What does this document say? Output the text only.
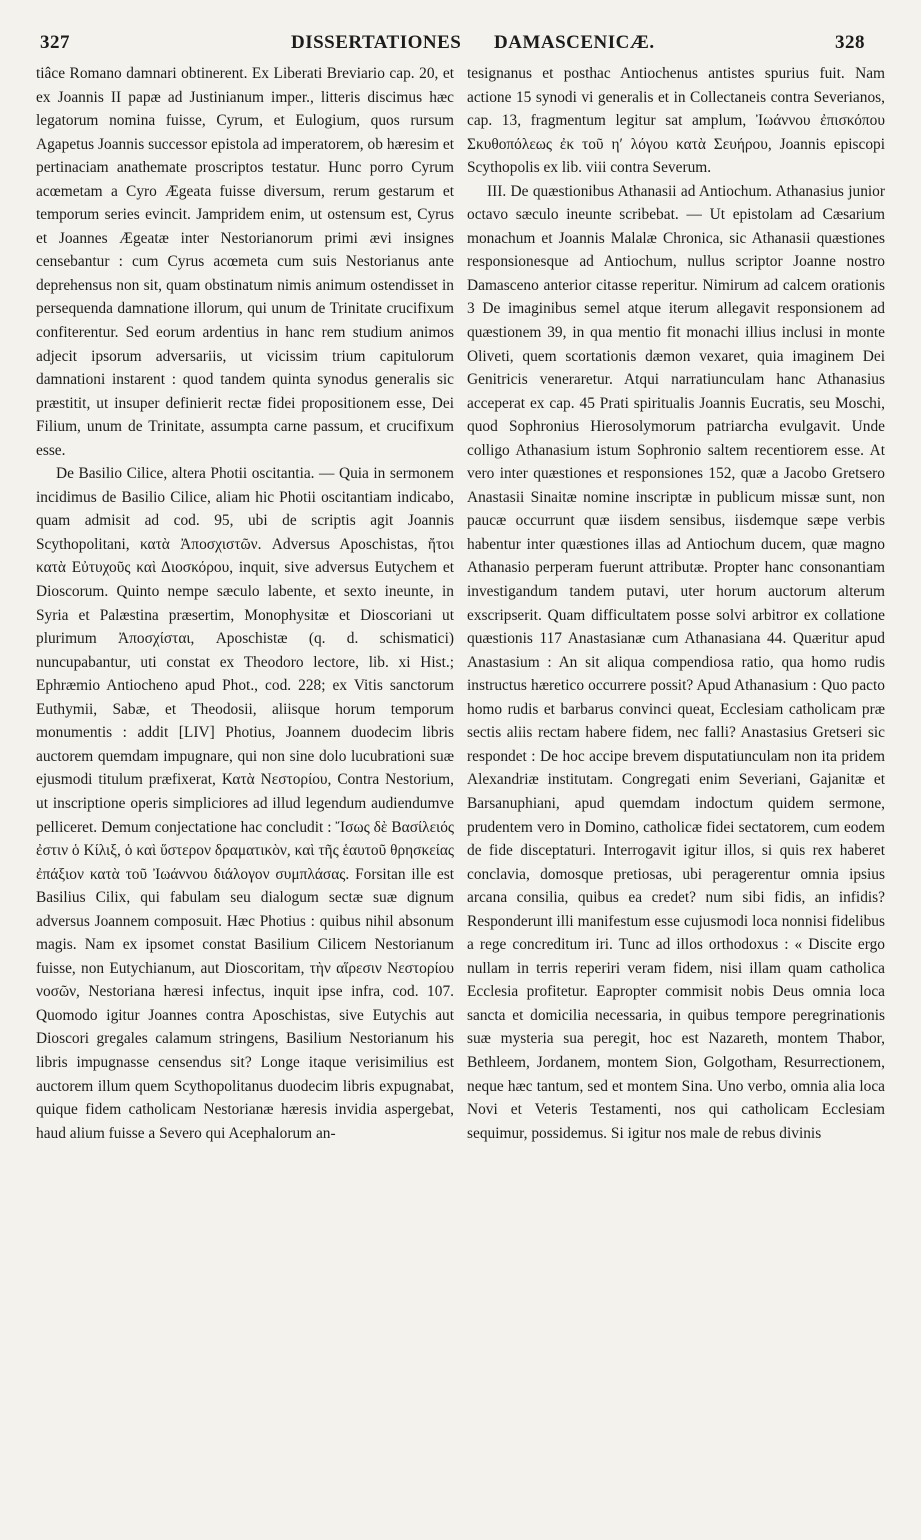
327	DISSERTATIONES DAMASCENICÆ.	328

tiâce Romano damnari obtinerent. Ex Liberati Breviario cap. 20, et ex Joannis II papæ ad Justinianum imper., litteris discimus hæc legatorum nomina fuisse, Cyrum, et Eulogium, quos rursum Agapetus Joannis successor epistola ad imperatorem, ob hæresim et pertinaciam anathemate proscriptos testatur. Hunc porro Cyrum acœmetam a Cyro Ægeata fuisse diversum, rerum gestarum et temporum series evincit. Jampridem enim, ut ostensum est, Cyrus et Joannes Ægeatæ inter Nestorianorum primi ævi insignes censebantur : cum Cyrus acœmeta cum suis Nestorianus ante deprehensus non sit, quam obstinatum nimis animum ostendisset in persequenda damnatione illorum, qui unum de Trinitate crucifixum confiterentur. Sed eorum ardentius in hanc rem studium animos adjecit ipsorum adversariis, ut vicissim trium capitulorum damnationi instarent : quod tandem quinta synodus generalis sic præstitit, ut insuper definierit rectæ fidei propositionem esse, Dei Filium, unum de Trinitate, assumpta carne passum, et crucifixum esse.

De Basilio Cilice, altera Photii oscitantia. — Quia in sermonem incidimus de Basilio Cilice, aliam hic Photii oscitantiam indicabo, quam admisit ad cod. 95, ubi de scriptis agit Joannis Scythopolitani, κατὰ Ἀποσχιστῶν. Adversus Aposchistas, ἤτοι κατὰ Εὐτυχοῦς καὶ Διοσκόρου, inquit, sive adversus Eutychem et Dioscorum. Quinto nempe sæculo labente, et sexto ineunte, in Syria et Palæstina præsertim, Monophysitæ et Dioscoriani ut plurimum Ἀποσχίσται, Aposchistæ (q. d. schismatici) nuncupabantur, uti constat ex Theodoro lectore, lib. xi Hist.; Ephræmio Antiocheno apud Phot., cod. 228; ex Vitis sanctorum Euthymii, Sabæ, et Theodosii, aliisque horum temporum monumentis : addit [LIV] Photius, Joannem duodecim libris auctorem quemdam impugnare, qui non sine dolo lucubrationi suæ ejusmodi titulum præfixerat, Κατὰ Νεστορίου, Contra Nestorium, ut inscriptione operis simpliciores ad illud legendum audiendumve pelliceret. Demum conjectatione hac concludit : Ἴσως δὲ Βασίλειός ἐστιν ὁ Κίλιξ, ὁ καὶ ὕστερον δραματικὸν, καὶ τῆς ἑαυτοῦ θρησκείας ἐπάξιον κατὰ τοῦ Ἰωάννου διάλογον συμπλάσας. Forsitan ille est Basilius Cilix, qui fabulam seu dialogum sectæ suæ dignum adversus Joannem composuit. Hæc Photius : quibus nihil absonum magis. Nam ex ipsomet constat Basilium Cilicem Nestorianum fuisse, non Eutychianum, aut Dioscoritam, τὴν αἵρεσιν Νεστορίου νοσῶν, Nestoriana hæresi infectus, inquit ipse infra, cod. 107. Quomodo igitur Joannes contra Aposchistas, sive Eutychis aut Dioscori gregales calamum stringens, Basilium Nestorianum his libris impugnasse censendus sit? Longe itaque verisimilius est auctorem illum quem Scythopolitanus duodecim libris expugnabat, quique fidem catholicam Nestorianæ hæresis invidia aspergebat, haud alium fuisse a Severo qui Acephalorum an-

tesignanus et posthac Antiochenus antistes spurius fuit. Nam actione 15 synodi vi generalis et in Collectaneis contra Severianos, cap. 13, fragmentum legitur sat amplum, Ἰωάννου ἐπισκόπου Σκυθοπόλεως ἐκ τοῦ η′ λόγου κατὰ Σευήρου, Joannis episcopi Scythopolis ex lib. viii contra Severum.

III. De quæstionibus Athanasii ad Antiochum. Athanasius junior octavo sæculo ineunte scribebat. — Ut epistolam ad Cæsarium monachum et Joannis Malalæ Chronica, sic Athanasii quæstiones responsionesque ad Antiochum, nullus scriptor Joanne nostro Damasceno anterior citasse reperitur. Nimirum ad calcem orationis 3 De imaginibus semel atque iterum allegavit responsionem ad quæstionem 39, in qua mentio fit monachi illius inclusi in monte Oliveti, quem scortationis dæmon vexaret, quia imaginem Dei Genitricis veneraretur. Atqui narratiunculam hanc Athanasius acceperat ex cap. 45 Prati spiritualis Joannis Eucratis, seu Moschi, quod Sophronius Hierosolymorum patriarcha evulgavit. Unde colligo Athanasium istum Sophronio saltem recentiorem esse. At vero inter quæstiones et responsiones 152, quæ a Jacobo Gretsero Anastasii Sinaitæ nomine inscriptæ in publicum missæ sunt, non paucæ occurrunt quæ iisdem sensibus, iisdemque sæpe verbis habentur inter quæstiones illas ad Antiochum ducem, quæ magno Athanasio perperam fuerunt attributæ. Propter hanc consonantiam investigandum tandem putavi, uter horum auctorum alterum exscripserit. Quam difficultatem posse solvi arbitror ex collatione quæstionis 117 Anastasianæ cum Athanasiana 44. Quæritur apud Anastasium : An sit aliqua compendiosa ratio, qua homo rudis instructus hæretico occurrere possit? Apud Athanasium : Quo pacto homo rudis et barbarus convinci queat, Ecclesiam catholicam præ sectis aliis rectam habere fidem, nec falli? Anastasius Gretseri sic respondet : De hoc accipe brevem disputatiunculam non ita pridem Alexandriæ institutam. Congregati enim Severiani, Gajanitæ et Barsanuphiani, apud quemdam indoctum quidem sermone, prudentem vero in Domino, catholicæ fidei sectatorem, cum eodem de fide disceptaturi. Interrogavit igitur illos, si quis rex haberet conclavia, domosque pretiosas, ubi peragerentur omnia ipsius arcana consilia, quibus ea credet? num sibi fidis, an infidis? Responderunt illi manifestum esse cujusmodi loca nonnisi fidelibus a rege concreditum iri. Tunc ad illos orthodoxus : « Discite ergo nullam in terris reperiri veram fidem, nisi illam quam catholica Ecclesia profitetur. Eapropter commisit nobis Deus omnia loca sancta et domicilia necessaria, in quibus tempore peregrinationis suæ mysteria sua peregit, hoc est Nazareth, montem Thabor, Bethleem, Jordanem, montem Sion, Golgotham, Resurrectionem, neque hæc tantum, sed et montem Sina. Uno verbo, omnia alia loca Novi et Veteris Testamenti, nos qui catholicam Ecclesiam sequimur, possidemus. Si igitur nos male de rebus divinis
